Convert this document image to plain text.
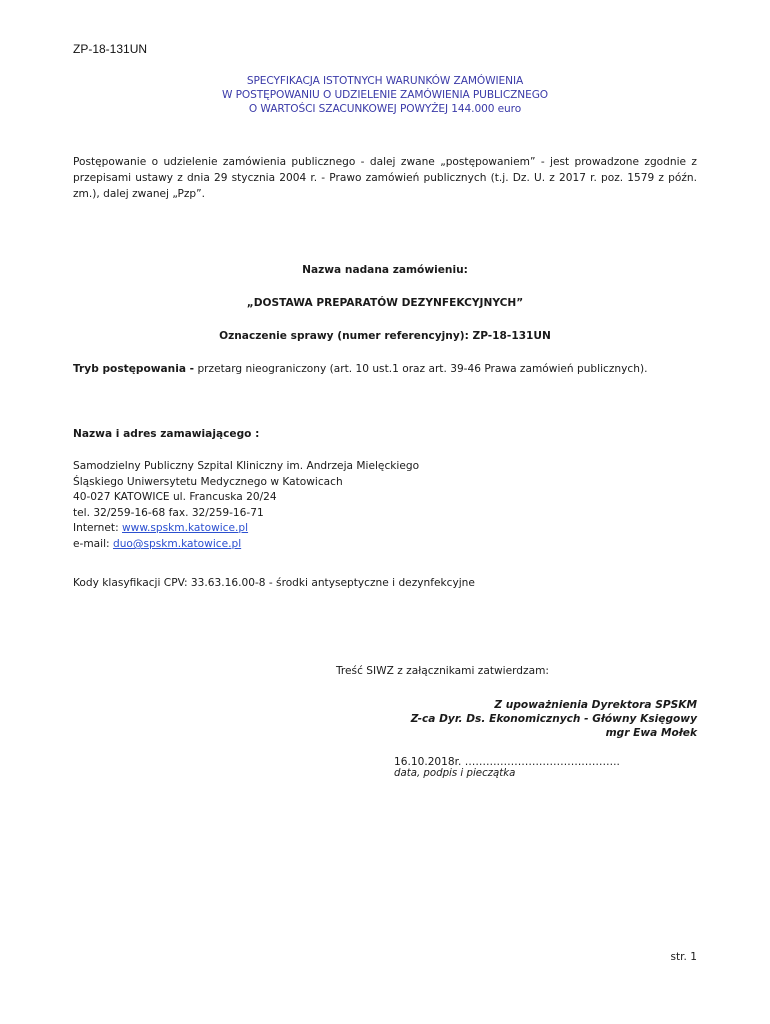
ZP-18-131UN
SPECYFIKACJA ISTOTNYCH WARUNKÓW ZAMÓWIENIA
W POSTĘPOWANIU O UDZIELENIE ZAMÓWIENIA PUBLICZNEGO
O WARTOŚCI SZACUNKOWEJ POWYŻEJ 144.000 euro
Postępowanie o udzielenie zamówienia publicznego - dalej zwane „postępowaniem” - jest prowadzone zgodnie z przepisami ustawy z dnia 29 stycznia 2004 r. - Prawo zamówień publicznych (t.j. Dz. U. z 2017 r. poz. 1579 z późn. zm.), dalej zwanej „Pzp”.
Nazwa nadana zamówieniu:
„DOSTAWA PREPARATÓW DEZYNFEKCYJNYCH”
Oznaczenie sprawy (numer referencyjny): ZP-18-131UN
Tryb postępowania - przetarg nieograniczony (art. 10 ust.1 oraz art. 39-46 Prawa zamówień publicznych).
Nazwa i adres zamawiającego :
Samodzielny Publiczny Szpital Kliniczny im. Andrzeja Mielęckiego
Śląskiego Uniwersytetu Medycznego w Katowicach
40-027 KATOWICE ul. Francuska 20/24
tel. 32/259-16-68 fax. 32/259-16-71
Internet: www.spskm.katowice.pl
e-mail: duo@spskm.katowice.pl
Kody klasyfikacji CPV: 33.63.16.00-8 - środki antyseptyczne i dezynfekcyjne
Treść SIWZ z załącznikami zatwierdzam:
Z upoważnienia Dyrektora SPSKM
Z-ca Dyr. Ds. Ekonomicznych - Główny Księgowy
mgr Ewa Mołek
16.10.2018r. ……………………………………..
data, podpis i pieczątka
str. 1
